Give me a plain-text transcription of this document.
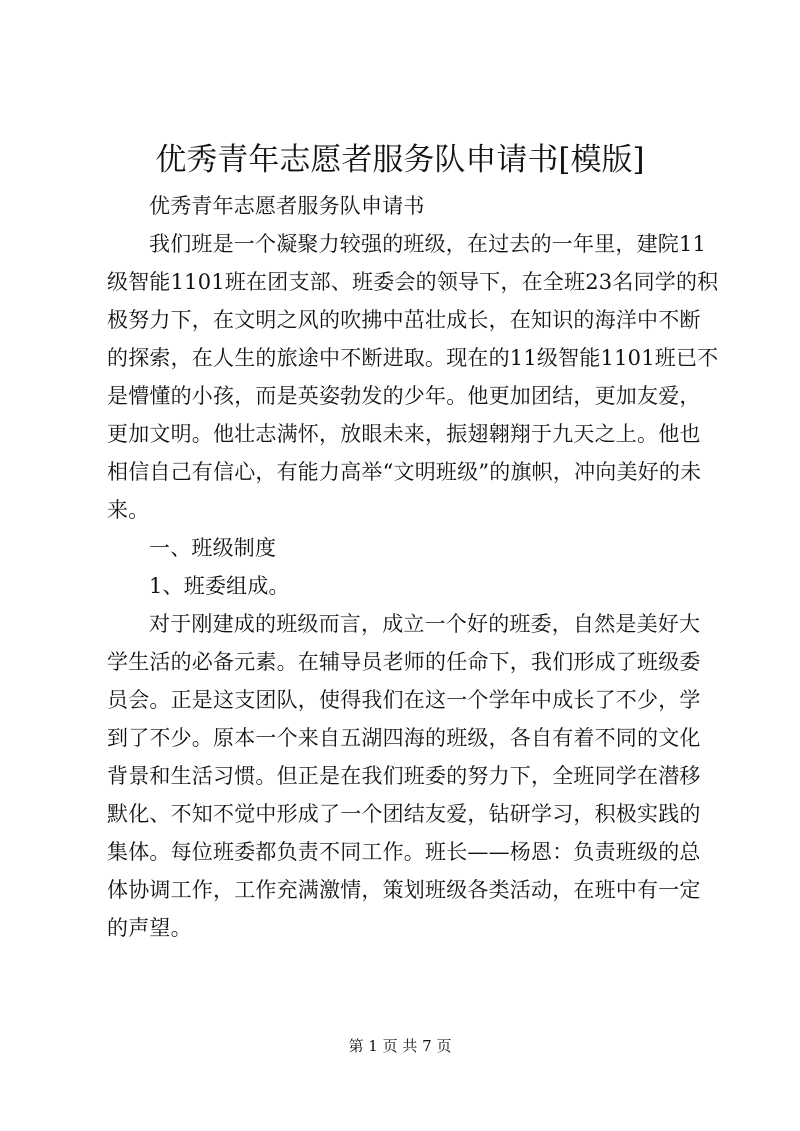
优秀青年志愿者服务队申请书[模版]

优秀青年志愿者服务队申请书

我们班是一个凝聚力较强的班级，在过去的一年里，建院11级智能1101班在团支部、班委会的领导下，在全班23名同学的积极努力下，在文明之风的吹拂中茁壮成长，在知识的海洋中不断的探索，在人生的旅途中不断进取。现在的11级智能1101班已不是懵懂的小孩，而是英姿勃发的少年。他更加团结，更加友爱，更加文明。他壮志满怀，放眼未来，振翅翱翔于九天之上。他也相信自己有信心，有能力高举“文明班级”的旗帜，冲向美好的未来。

一、班级制度

1、班委组成。

对于刚建成的班级而言，成立一个好的班委，自然是美好大学生活的必备元素。在辅导员老师的任命下，我们形成了班级委员会。正是这支团队，使得我们在这一个学年中成长了不少，学到了不少。原本一个来自五湖四海的班级，各自有着不同的文化背景和生活习惯。但正是在我们班委的努力下，全班同学在潜移默化、不知不觉中形成了一个团结友爱，钻研学习，积极实践的集体。每位班委都负责不同工作。班长——杨恩：负责班级的总体协调工作，工作充满激情，策划班级各类活动，在班中有一定的声望。

第 1 页 共 7 页
